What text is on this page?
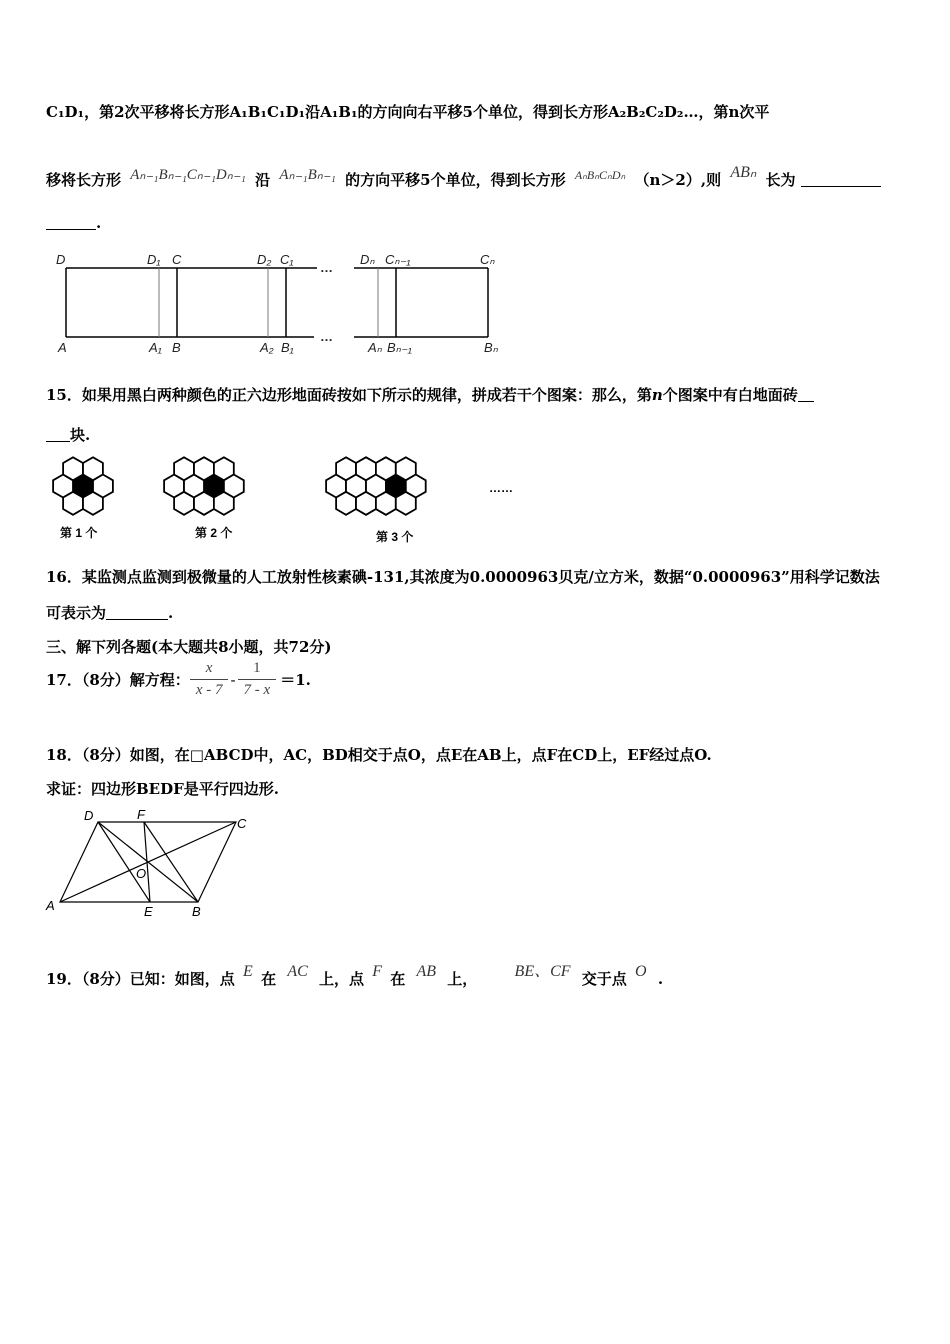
C₁D₁，第2次平移将长方形A₁B₁C₁D₁沿A₁B₁的方向向右平移5个单位，得到长方形A₂B₂C₂D₂…，第n次平
移将长方形 Aₙ₋₁Bₙ₋₁Cₙ₋₁Dₙ₋₁ 沿 Aₙ₋₁Bₙ₋₁ 的方向平移5个单位，得到长方形 $^{A_nB_nC_nD_n}$ （n＞2）,则 ABₙ 长为
.
D	D₁ C	D₂ C₁
…
Dₙ Cₙ₋₁	Cₙ
A	A₁ B	A₂ B₁
…
Aₙ Bₙ₋₁	Bₙ
15．如果用黑白两种颜色的正六边形地面砖按如下所示的规律，拼成若干个图案：那么，第n个图案中有白地面砖
块.
第 1 个	第 2 个	第 3 个
……
16．某监测点监测到极微量的人工放射性核素碘-131,其浓度为0.0000963贝克/立方米，数据“0.0000963”用科学记数法
可表示为	.
三、解下列各题(本大题共8小题，共72分)
17．（8分）解方程： $\frac{x}{x - 7} - \frac{1}{7 - x} =1$.
18．（8分）如图，在□ABCD中，AC，BD相交于点O，点E在AB上，点F在CD上，EF经过点O.
求证：四边形BEDF是平行四边形.
D	F
C
O
A	E	B
19．（8分）已知：如图，点 E 在 AC 上，点 F 在 AB 上， BE、CF 交于点 O .
